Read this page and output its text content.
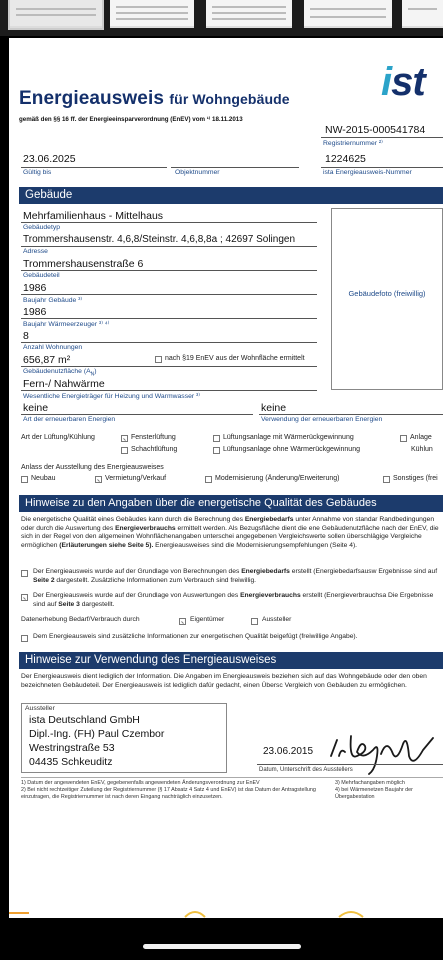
Energieausweis für Wohngebäude
gemäß den §§ 16 ff. der Energieeinsparverordnung (EnEV) vom ¹⁾ 18.11.2013
ist
NW-2015-000541784
Registriernummer ²⁾
23.06.2025
Gültig bis	Objektnummer
1224625
ista Energieausweis-Nummer
Gebäude
Gebäudefoto (freiwillig)
Mehrfamilienhaus - Mittelhaus
Gebäudetyp
Trommershausenstr. 4,6,8/Steinstr. 4,6,8,8a ; 42697 Solingen
Adresse
Trommershausenstraße 6
Gebäudeteil
1986
Baujahr Gebäude ³⁾
1986
Baujahr Wärmeerzeuger ³⁾ ⁴⁾
8
Anzahl Wohnungen
656,87 m²	nach §19 EnEV aus der Wohnfläche ermittelt
Gebäudenutzfläche $(A_N)$
Fern-/ Nahwärme
Wesentliche Energieträger für Heizung und Warmwasser ³⁾
keine
Art der erneuerbaren Energien
keine
Verwendung der erneuerbaren Energien
Art der Lüftung/Kühlung	Fensterlüftung	Lüftungsanlage mit Wärmerückgewinnung	Anlage
Schachtlüftung	Lüftungsanlage ohne Wärmerückgewinnung	Kühlun
Anlass der Ausstellung des Energieausweises
Neubau	Vermietung/Verkauf	Modernisierung (Änderung/Erweiterung)	Sonstiges (frei
Hinweise zu den Angaben über die energetische Qualität des Gebäudes
Die energetische Qualität eines Gebäudes kann durch die Berechnung des Energiebedarfs unter Annahme von standar Randbedingungen oder durch die Auswertung des Energieverbrauchs ermittelt werden. Als Bezugsfläche dient die ene Gebäudenutzfläche nach der EnEV, die sich in der Regel von den allgemeinen Wohnflächenangaben unterschei angegebenen Vergleichswerte sollen überschlägige Vergleiche ermöglichen (Erläuterungen siehe Seite 5). Energieausweises sind die Modernisierungsempfehlungen (Seite 4).
Der Energieausweis wurde auf der Grundlage von Berechnungen des Energiebedarfs erstellt (Energiebedarfsausw Ergebnisse sind auf Seite 2 dargestellt. Zusätzliche Informationen zum Verbrauch sind freiwillig.
Der Energieausweis wurde auf der Grundlage von Auswertungen des Energieverbrauchs erstellt (Energieverbrauchsa Die Ergebnisse sind auf Seite 3 dargestellt.
Datenerhebung Bedarf/Verbrauch durch	Eigentümer	Aussteller
Dem Energieausweis sind zusätzliche Informationen zur energetischen Qualität beigefügt (freiwillige Angabe).
Hinweise zur Verwendung des Energieausweises
Der Energieausweis dient lediglich der Information. Die Angaben im Energieausweis beziehen sich auf das Wohngebäude oder den oben bezeichneten Gebäudeteil. Der Energieausweis ist lediglich dafür gedacht, einen Übersc Vergleich von Gebäuden zu ermöglichen.
Aussteller
ista Deutschland GmbH
Dipl.-Ing. (FH) Paul Czembor
Westringstraße 53
04435 Schkeuditz
23.06.2015
Datum, Unterschrift des Ausstellers
1) Datum der angewendeten EnEV, gegebenenfalls angewendeten Änderungsverordnung zur EnEV
2) Bei nicht rechtzeitiger Zuteilung der Registriernummer (§ 17 Absatz 4 Satz 4 und EnEV) ist das Datum der Antragstellung einzutragen, die Registriernummer ist nach deren Eingang nachträglich einzusetzen.
3) Mehrfachangaben möglich
4) bei Wärmenetzen Baujahr der Übergabestation
